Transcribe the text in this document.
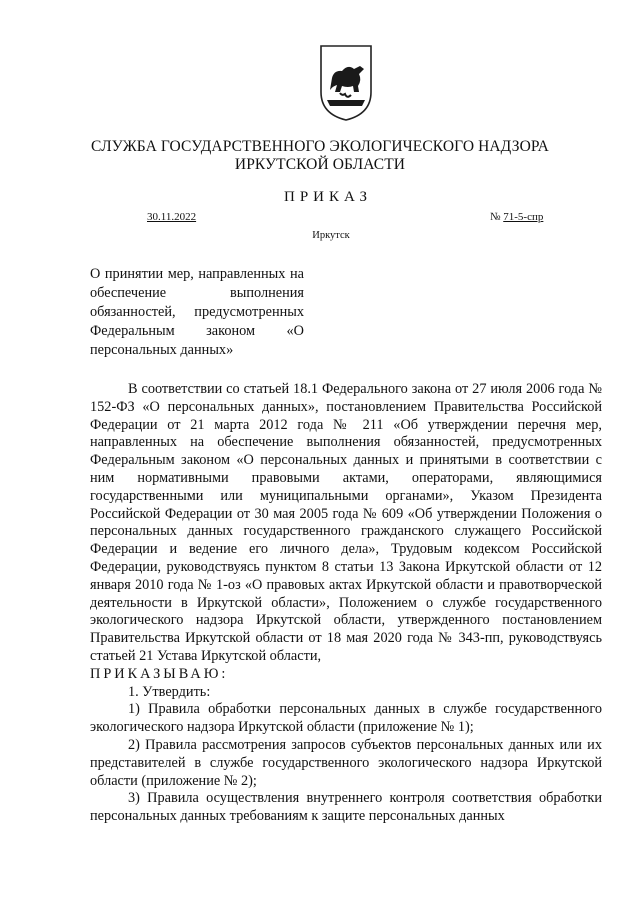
СЛУЖБА ГОСУДАРСТВЕННОГО ЭКОЛОГИЧЕСКОГО НАДЗОРА
ИРКУТСКОЙ ОБЛАСТИ
ПРИКАЗ
30.11.2022	№ 71-5-спр
Иркутск
О принятии мер, направленных на обеспечение выполнения обязанностей, предусмотренных Федеральным законом «О персональных данных»

В соответствии со статьей 18.1 Федерального закона от 27 июля 2006 года № 152-ФЗ «О персональных данных», постановлением Правительства Российской Федерации от 21 марта 2012 года № 211 «Об утверждении перечня мер, направленных на обеспечение выполнения обязанностей, предусмотренных Федеральным законом «О персональных данных и принятыми в соответствии с ним нормативными правовыми актами, операторами, являющимися государственными или муниципальными органами», Указом Президента Российской Федерации от 30 мая 2005 года № 609 «Об утверждении Положения о персональных данных государственного гражданского служащего Российской Федерации и ведение его личного дела», Трудовым кодексом Российской Федерации, руководствуясь пунктом 8 статьи 13 Закона Иркутской области от 12 января 2010 года № 1-оз «О правовых актах Иркутской области и правотворческой деятельности в Иркутской области», Положением о службе государственного экологического надзора Иркутской области, утвержденного постановлением Правительства Иркутской области от 18 мая 2020 года № 343-пп, руководствуясь статьей 21 Устава Иркутской области,

ПРИКАЗЫВАЮ:

1. Утвердить:

1) Правила обработки персональных данных в службе государственного экологического надзора Иркутской области (приложение № 1);

2) Правила рассмотрения запросов субъектов персональных данных или их представителей в службе государственного экологического надзора Иркутской области (приложение № 2);

3) Правила осуществления внутреннего контроля соответствия обработки персональных данных требованиям к защите персональных данных
